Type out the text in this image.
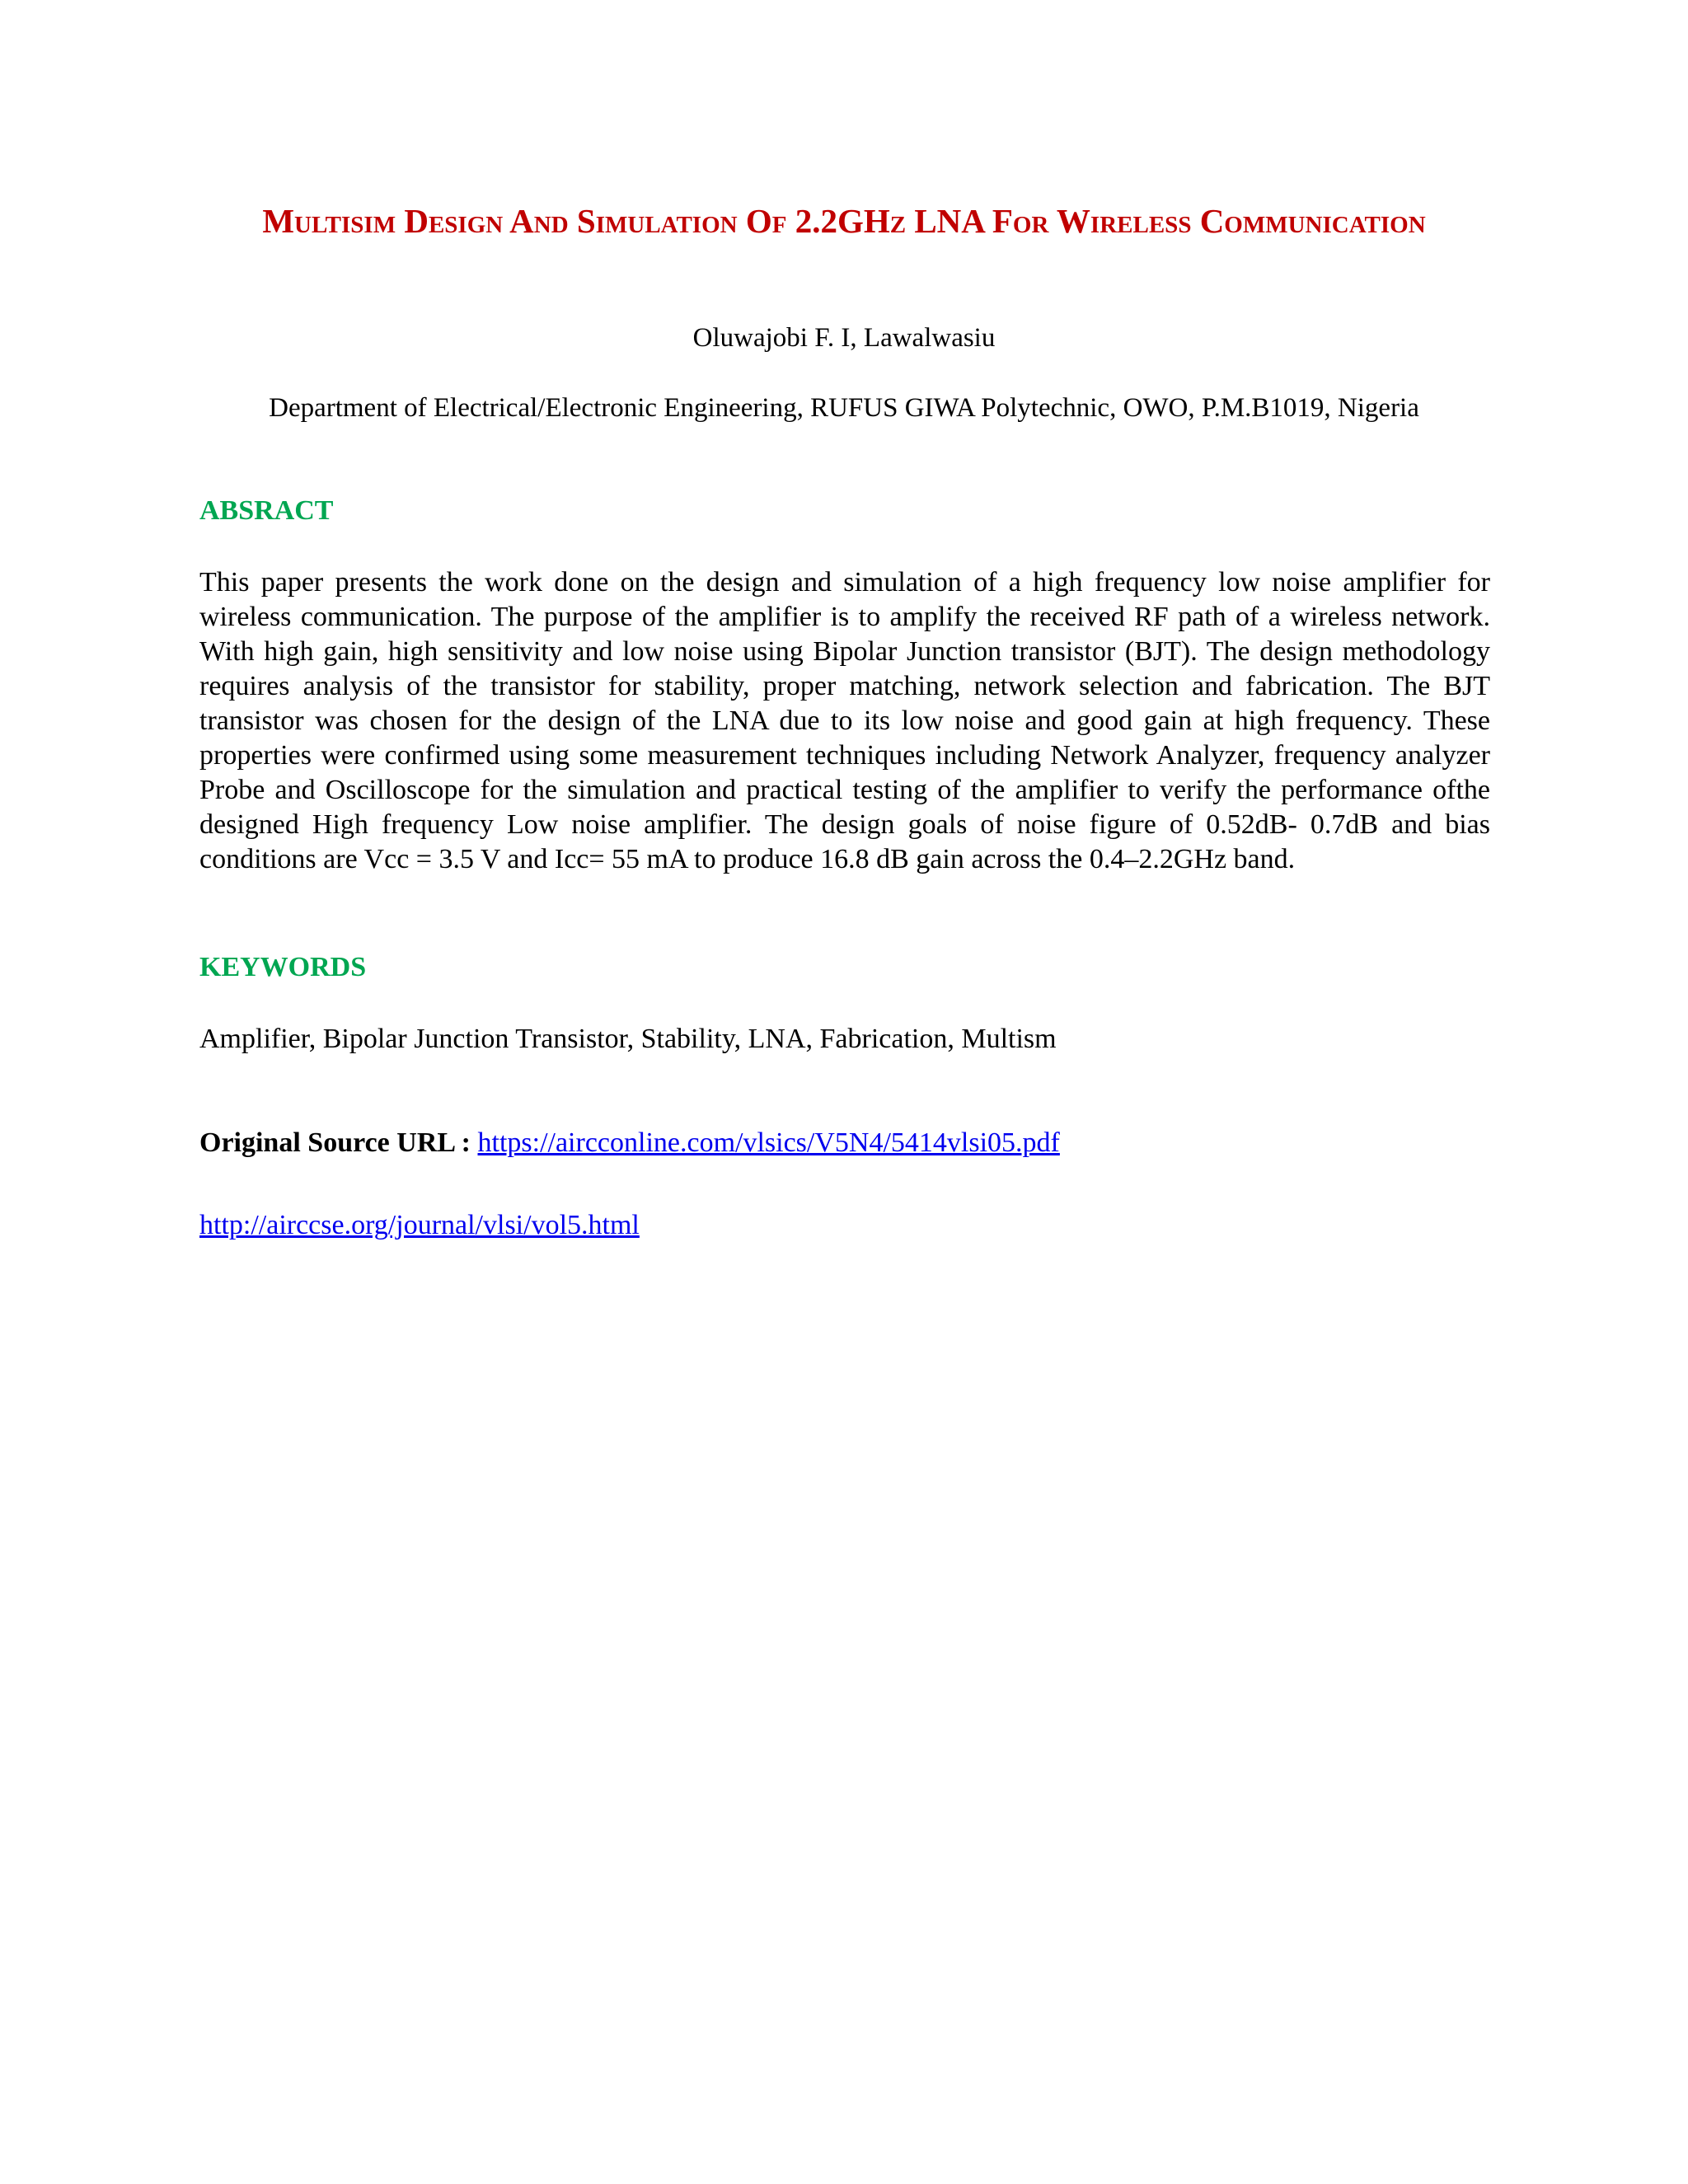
Multisim Design And Simulation Of 2.2GHz LNA For Wireless Communication

Oluwajobi F. I, Lawalwasiu

Department of Electrical/Electronic Engineering, RUFUS GIWA Polytechnic, OWO, P.M.B1019, Nigeria

ABSRACT

This paper presents the work done on the design and simulation of a high frequency low noise amplifier for wireless communication. The purpose of the amplifier is to amplify the received RF path of a wireless network. With high gain, high sensitivity and low noise using Bipolar Junction transistor (BJT). The design methodology requires analysis of the transistor for stability, proper matching, network selection and fabrication. The BJT transistor was chosen for the design of the LNA due to its low noise and good gain at high frequency. These properties were confirmed using some measurement techniques including Network Analyzer, frequency analyzer Probe and Oscilloscope for the simulation and practical testing of the amplifier to verify the performance ofthe designed High frequency Low noise amplifier. The design goals of noise figure of 0.52dB- 0.7dB and bias conditions are Vcc = 3.5 V and Icc= 55 mA to produce 16.8 dB gain across the 0.4–2.2GHz band.

KEYWORDS

Amplifier, Bipolar Junction Transistor, Stability, LNA, Fabrication, Multism

Original Source URL : https://aircconline.com/vlsics/V5N4/5414vlsi05.pdf

http://airccse.org/journal/vlsi/vol5.html
